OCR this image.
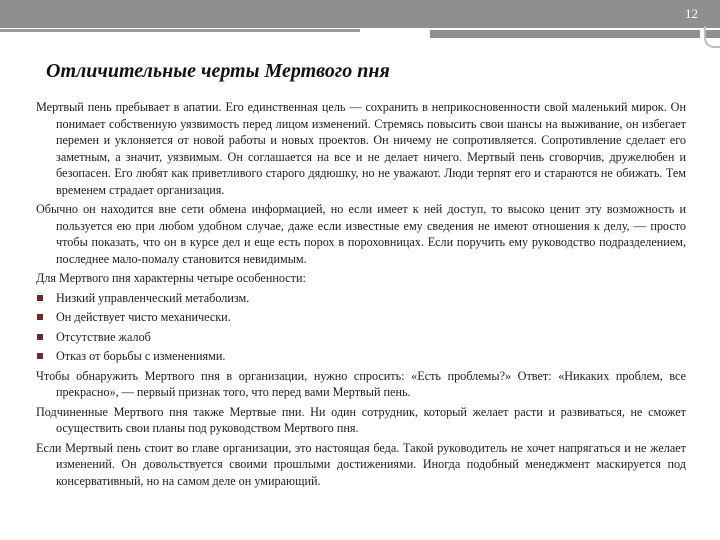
12
Отличительные черты Мертвого пня

Мертвый пень пребывает в апатии. Его единственная цель — сохранить в неприкосновенности свой маленький мирок. Он понимает собственную уязвимость перед лицом изменений. Стремясь повысить свои шансы на выживание, он избегает перемен и уклоняется от новой работы и новых проектов. Он ничему не сопротивляется. Сопротивление сделает его заметным, а значит, уязвимым. Он соглашается на все и не делает ничего. Мертвый пень сговорчив, дружелюбен и безопасен. Его любят как приветливого старого дядюшку, но не уважают. Люди терпят его и стараются не обижать. Тем временем страдает организация.

Обычно он находится вне сети обмена информацией, но если имеет к ней доступ, то высоко ценит эту возможность и пользуется ею при любом удобном случае, даже если известные ему сведения не имеют отношения к делу, — просто чтобы показать, что он в курсе дел и еще есть порох в пороховницах. Если поручить ему руководство подразделением, последнее мало-помалу становится невидимым.

Для Мертвого пня характерны четыре особенности:

Низкий управленческий метаболизм.
Он действует чисто механически.
Отсутствие жалоб
Отказ от борьбы с изменениями.

Чтобы обнаружить Мертвого пня в организации, нужно спросить: «Есть проблемы?» Ответ: «Никаких проблем, все прекрасно», — первый признак того, что перед вами Мертвый пень.

Подчиненные Мертвого пня также Мертвые пни. Ни один сотрудник, который желает расти и развиваться, не сможет осуществить свои планы под руководством Мертвого пня.

Если Мертвый пень стоит во главе организации, это настоящая беда. Такой руководитель не хочет напрягаться и не желает изменений. Он довольствуется своими прошлыми достижениями. Иногда подобный менеджмент маскируется под консервативный, но на самом деле он умирающий.
